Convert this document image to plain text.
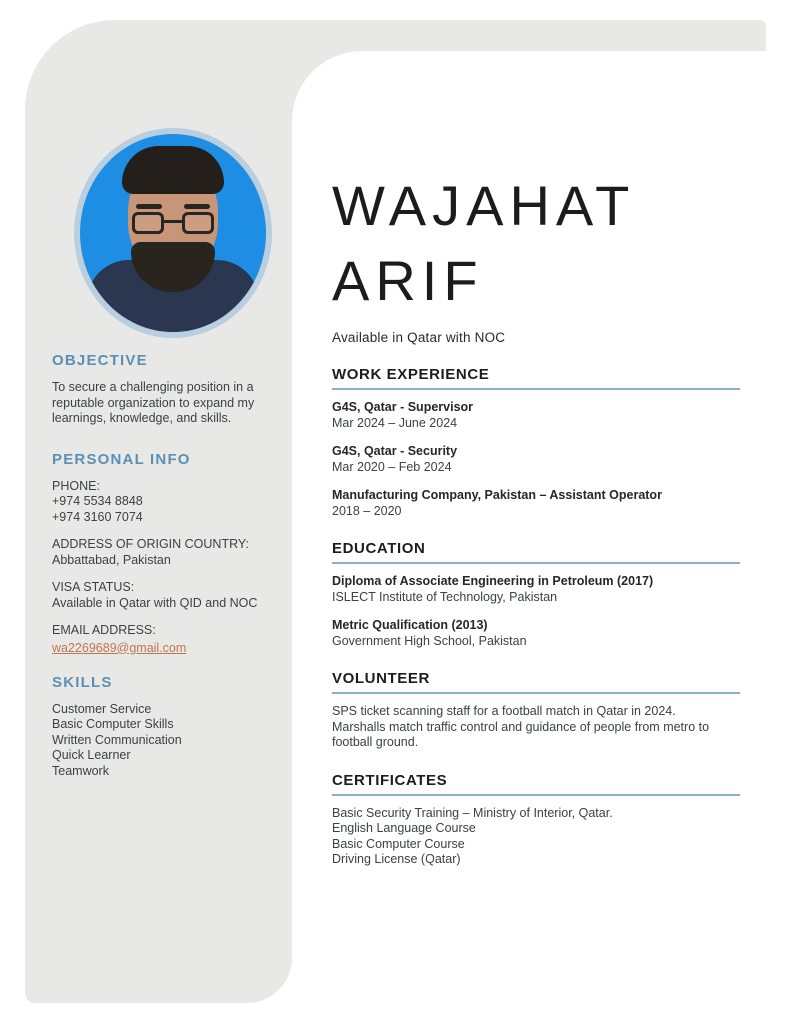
OBJECTIVE

To secure a challenging position in a reputable organization to expand my learnings, knowledge, and skills.

PERSONAL INFO

PHONE:

+974 5534 8848

+974 3160 7074

ADDRESS OF ORIGIN COUNTRY:

Abbattabad, Pakistan

VISA STATUS:

Available in Qatar with QID and NOC

EMAIL ADDRESS:

wa2269689@gmail.com
SKILLS

Customer Service

Basic Computer Skills

Written Communication

Quick Learner

Teamwork

WAJAHAT
ARIF

Available in Qatar with NOC

WORK EXPERIENCE

G4S, Qatar - Supervisor

Mar 2024 – June 2024

G4S, Qatar - Security

Mar 2020 – Feb 2024

Manufacturing Company, Pakistan – Assistant Operator

2018 – 2020

EDUCATION

Diploma of Associate Engineering in Petroleum (2017)

ISLECT Institute of Technology, Pakistan

Metric Qualification (2013)

Government High School, Pakistan

VOLUNTEER

SPS ticket scanning staff for a football match in Qatar in 2024.

Marshalls match traffic control and guidance of people from metro to football ground.

CERTIFICATES

Basic Security Training – Ministry of Interior, Qatar.

English Language Course

Basic Computer Course

Driving License (Qatar)
